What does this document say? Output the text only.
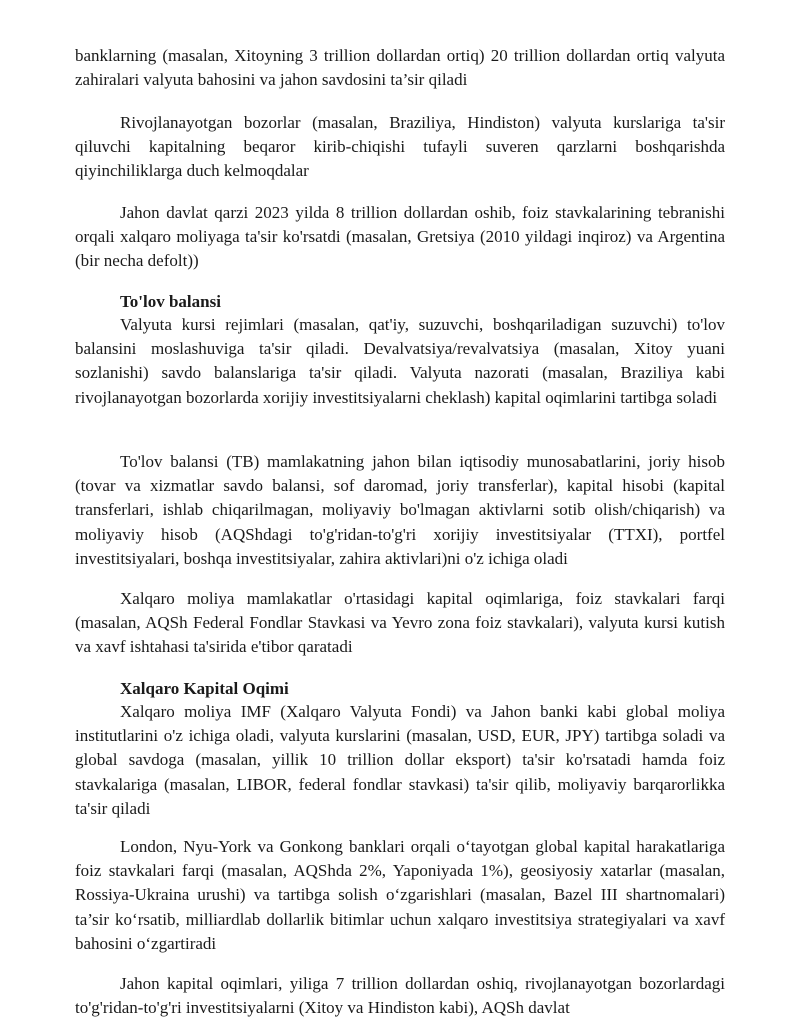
banklarning (masalan, Xitoyning 3 trillion dollardan ortiq) 20 trillion dollardan ortiq valyuta zahiralari valyuta bahosini va jahon savdosini ta’sir qiladi

Rivojlanayotgan bozorlar (masalan, Braziliya, Hindiston) valyuta kurslariga ta'sir qiluvchi kapitalning beqaror kirib-chiqishi tufayli suveren qarzlarni boshqarishda qiyinchiliklarga duch kelmoqdalar

Jahon davlat qarzi 2023 yilda 8 trillion dollardan oshib, foiz stavkalarining tebranishi orqali xalqaro moliyaga ta'sir ko'rsatdi (masalan, Gretsiya (2010 yildagi inqiroz) va Argentina (bir necha defolt))

To'lov balansi

Valyuta kursi rejimlari (masalan, qat'iy, suzuvchi, boshqariladigan suzuvchi) to'lov balansini moslashuviga ta'sir qiladi. Devalvatsiya/revalvatsiya (masalan, Xitoy yuani sozlanishi) savdo balanslariga ta'sir qiladi. Valyuta nazorati (masalan, Braziliya kabi rivojlanayotgan bozorlarda xorijiy investitsiyalarni cheklash) kapital oqimlarini tartibga soladi

To'lov balansi (TB) mamlakatning jahon bilan iqtisodiy munosabatlarini, joriy hisob (tovar va xizmatlar savdo balansi, sof daromad, joriy transferlar), kapital hisobi (kapital transferlari, ishlab chiqarilmagan, moliyaviy bo'lmagan aktivlarni sotib olish/chiqarish) va moliyaviy hisob (AQShdagi to'g'ridan-to'g'ri xorijiy investitsiyalar (TTXI), portfel investitsiyalari, boshqa investitsiyalar, zahira aktivlari)ni o'z ichiga oladi

Xalqaro moliya mamlakatlar o'rtasidagi kapital oqimlariga, foiz stavkalari farqi (masalan, AQSh Federal Fondlar Stavkasi va Yevro zona foiz stavkalari), valyuta kursi kutish va xavf ishtahasi ta'sirida e'tibor qaratadi

Xalqaro Kapital Oqimi

Xalqaro moliya IMF (Xalqaro Valyuta Fondi) va Jahon banki kabi global moliya institutlarini o'z ichiga oladi, valyuta kurslarini (masalan, USD, EUR, JPY) tartibga soladi va global savdoga (masalan, yillik 10 trillion dollar eksport) ta'sir ko'rsatadi hamda foiz stavkalariga (masalan, LIBOR, federal fondlar stavkasi) ta'sir qilib, moliyaviy barqarorlikka ta'sir qiladi

London, Nyu-York va Gonkong banklari orqali o‘tayotgan global kapital harakatlariga foiz stavkalari farqi (masalan, AQShda 2%, Yaponiyada 1%), geosiyosiy xatarlar (masalan, Rossiya-Ukraina urushi) va tartibga solish o‘zgarishlari (masalan, Bazel III shartnomalari) ta’sir ko‘rsatib, milliardlab dollarlik bitimlar uchun xalqaro investitsiya strategiyalari va xavf bahosini o‘zgartiradi

Jahon kapital oqimlari, yiliga 7 trillion dollardan oshiq, rivojlanayotgan bozorlardagi to'g'ridan-to'g'ri investitsiyalarni (Xitoy va Hindiston kabi), AQSh davlat
